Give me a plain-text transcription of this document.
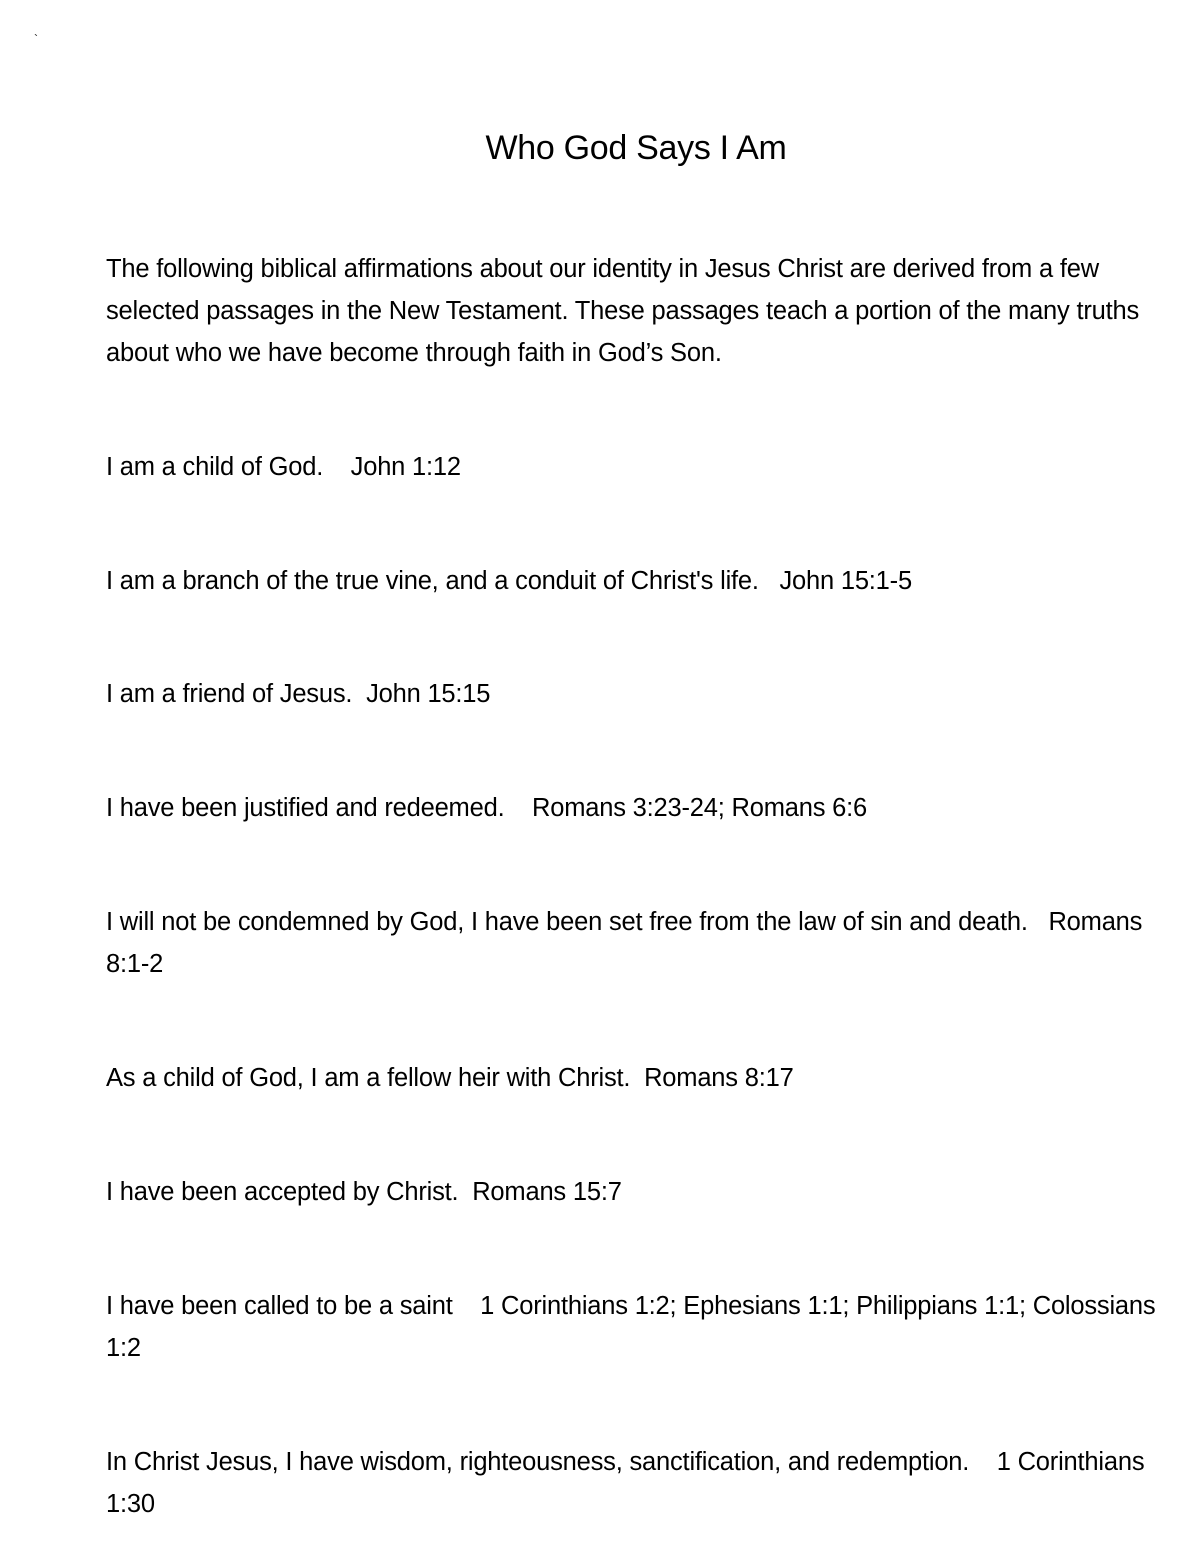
`
Who God Says I Am

The following biblical affirmations about our identity in Jesus Christ are derived from a few selected passages in the New Testament. These passages teach a portion of the many truths about who we have become through faith in God’s Son.

I am a child of God. John 1:12

I am a branch of the true vine, and a conduit of Christ's life. John 15:1-5

I am a friend of Jesus. John 15:15

I have been justified and redeemed. Romans 3:23-24; Romans 6:6

I will not be condemned by God, I have been set free from the law of sin and death. Romans 8:1-2

As a child of God, I am a fellow heir with Christ. Romans 8:17

I have been accepted by Christ. Romans 15:7

I have been called to be a saint 1 Corinthians 1:2; Ephesians 1:1; Philippians 1:1; Colossians 1:2

In Christ Jesus, I have wisdom, righteousness, sanctification, and redemption. 1 Corinthians 1:30
